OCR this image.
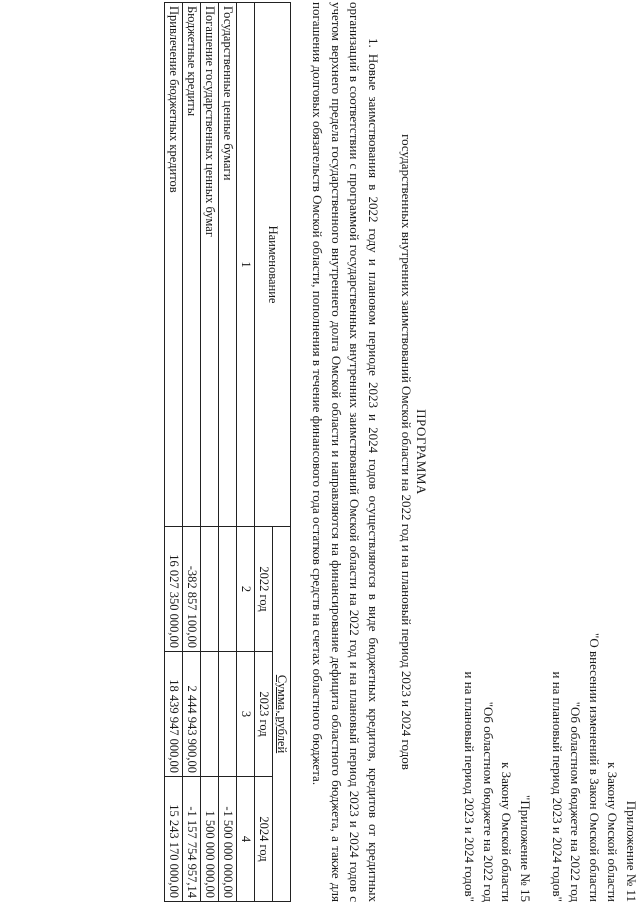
Приложение № 11
к Закону Омской области
"О внесении изменений в Закон Омской области
"Об областном бюджете на 2022 год
и на плановый период 2023 и 2024 годов"
"Приложение № 15
к Закону Омской области
"Об областном бюджете на 2022 год
и на плановый период 2023 и 2024 годов"
ПРОГРАММА
государственных внутренних заимствований Омской области на 2022 год и на плановый период 2023 и 2024 годов

1. Новые заимствования в 2022 году и плановом периоде 2023 и 2024 годов осуществляются в виде бюджетных кредитов, кредитов от кредитных организаций в соответствии с программой государственных внутренних заимствований Омской области на 2022 год и на плановый период 2023 и 2024 годов с учетом верхнего предела государственного внутреннего долга Омской области и направляются на финансирование дефицита областного бюджета, а также для погашения долговых обязательств Омской области, пополнения в течение финансового года остатков средств на счетах областного бюджета.

Наименование	Сумма, рублей		
	2022 год	2023 год	2024 год
1	2	3	4
Государственные ценные бумаги			-1 500 000 000,00
Погашение государственных ценных бумаг			1 500 000 000,00
Бюджетные кредиты	-382 857 100,00	2 444 943 900,00	-1 157 754 957,14
Привлечение бюджетных кредитов	16 027 350 000,00	18 439 947 000,00	15 243 170 000,00
